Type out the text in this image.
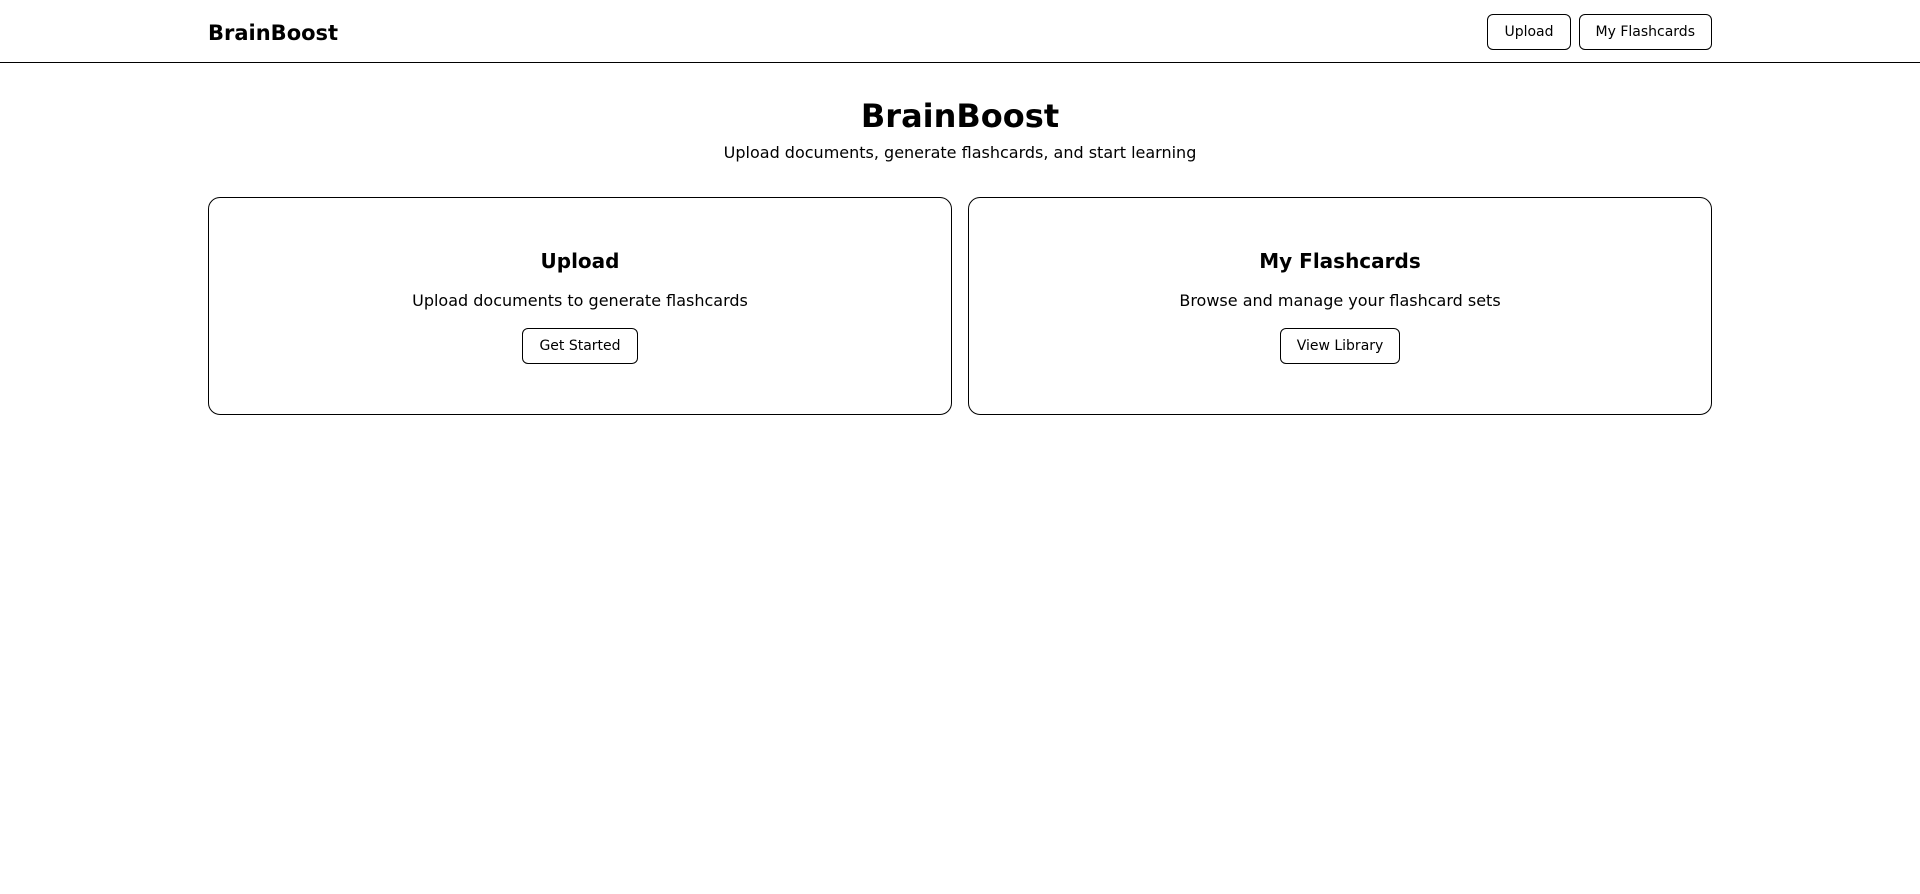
BrainBoost	Upload	My Flashcards
BrainBoost

Upload documents, generate flashcards, and start learning

Upload

Upload documents to generate flashcards

Get Started
My Flashcards

Browse and manage your flashcard sets

View Library
